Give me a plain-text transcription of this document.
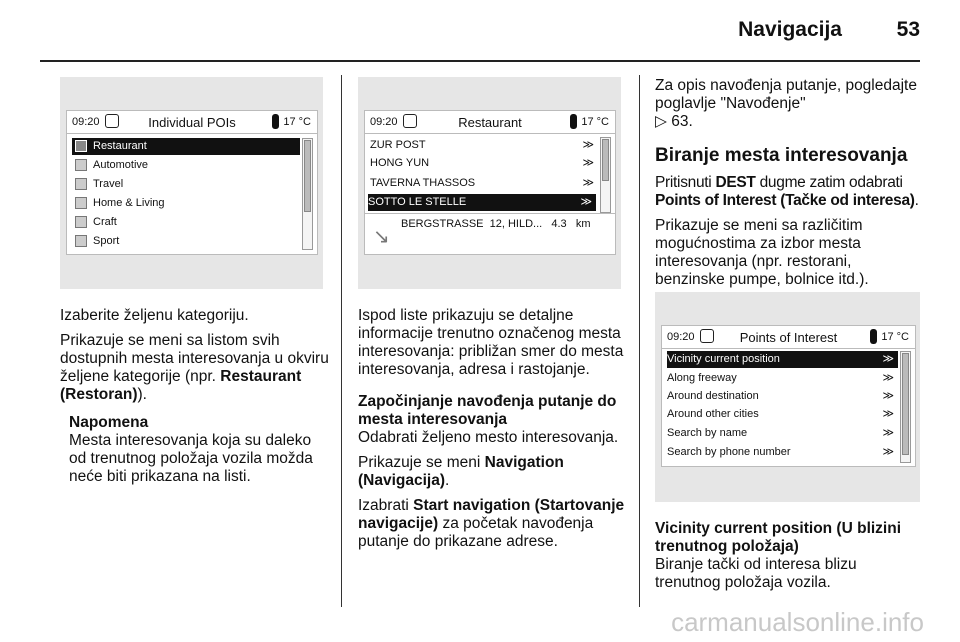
Navigacija	53
09:20	Individual POIs	17 °C
Restaurant
Automotive
Travel
Home & Living
Craft
Sport
09:20	Restaurant	17 °C
ZUR POST	≫
HONG YUN	≫
TAVERNA THASSOS	≫
SOTTO LE STELLE	≫
↘
BERGSTRASSE  12, HILD...   4.3   km
09:20	Points of Interest	17 °C
Vicinity current position	≫
Along freeway	≫
Around destination	≫
Around other cities	≫
Search by name	≫
Search by phone number	≫

Izaberite željenu kategoriju.

Prikazuje se meni sa listom svih dostupnih mesta interesovanja u okviru željene kategorije (npr. Restaurant (Restoran)).

Napomena
Mesta interesovanja koja su daleko od trenutnog položaja vozila možda neće biti prikazana na listi.

Ispod liste prikazuju se detaljne informacije trenutno označenog mesta interesovanja: približan smer do mesta interesovanja, adresa i rastojanje.

Započinjanje navođenja putanje do mesta interesovanja

Odabrati željeno mesto interesovanja.

Prikazuje se meni Navigation (Navigacija).

Izabrati Start navigation (Startovanje navigacije) za početak navođenja putanje do prikazane adrese.

Za opis navođenja putanje, pogledajte poglavlje "Navođenje"
▷ 63.

Biranje mesta interesovanja

Pritisnuti DEST dugme zatim odabrati Points of Interest (Tačke od interesa).

Prikazuje se meni sa različitim mogućnostima za izbor mesta interesovanja (npr. restorani, benzinske pumpe, bolnice itd.).

Vicinity current position (U blizini trenutnog položaja)

Biranje tački od interesa blizu trenutnog položaja vozila.

carmanualsonline.info
